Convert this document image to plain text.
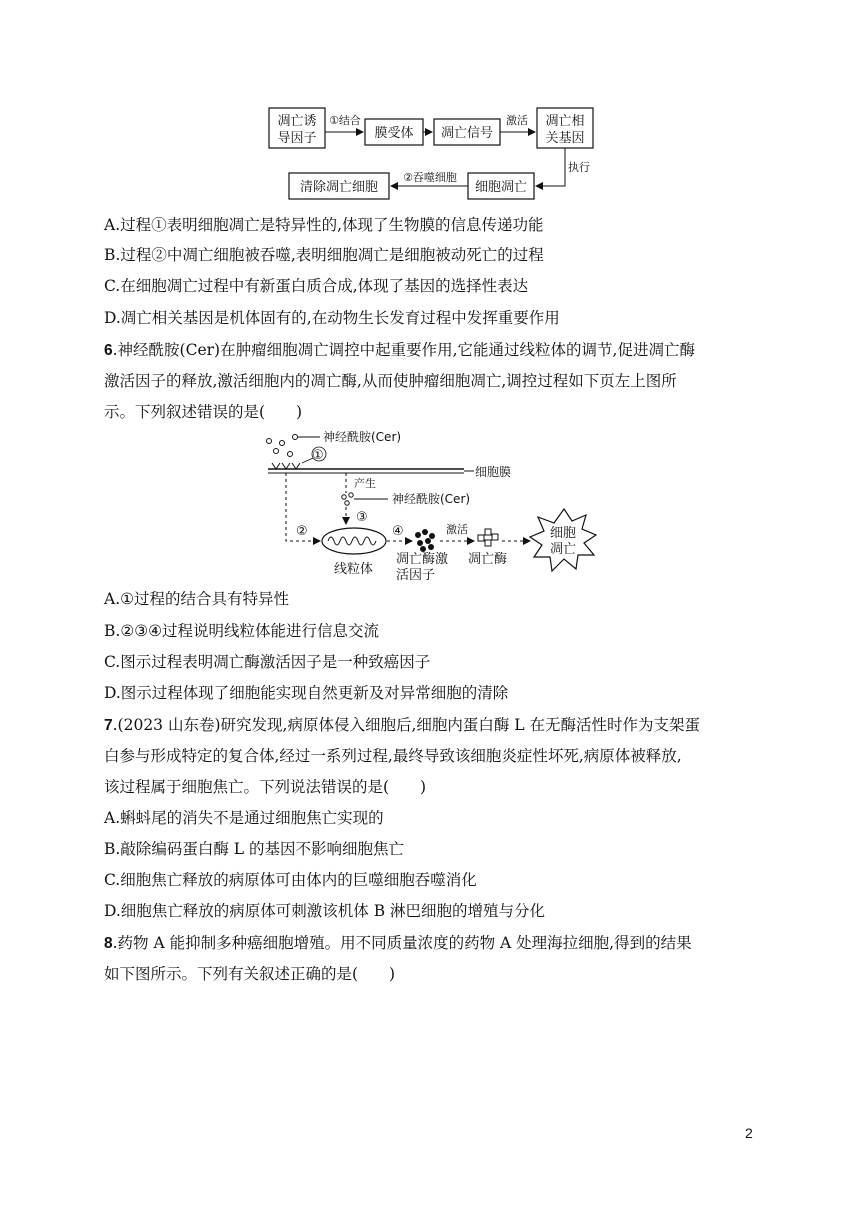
凋亡诱
导因子
①结合
膜受体 凋亡信号
激活 凋亡相
关基因
执行
细胞凋亡
②吞噬细胞
清除凋亡细胞
A.过程①表明细胞凋亡是特异性的,体现了生物膜的信息传递功能
B.过程②中凋亡细胞被吞噬,表明细胞凋亡是细胞被动死亡的过程
C.在细胞凋亡过程中有新蛋白质合成,体现了基因的选择性表达
D.凋亡相关基因是机体固有的,在动物生长发育过程中发挥重要作用
6.神经酰胺(Cer)在肿瘤细胞凋亡调控中起重要作用,它能通过线粒体的调节,促进凋亡酶
激活因子的释放,激活细胞内的凋亡酶,从而使肿瘤细胞凋亡,调控过程如下页左上图所
示。下列叙述错误的是(　　)
神经酰胺(Cer)
①
细胞膜
②
产生
神经酰胺(Cer)
③
线粒体
④
凋亡酶激
活因子
激活
凋亡酶
细胞
凋亡
A.①过程的结合具有特异性
B.②③④过程说明线粒体能进行信息交流
C.图示过程表明凋亡酶激活因子是一种致癌因子
D.图示过程体现了细胞能实现自然更新及对异常细胞的清除
7.(2023 山东卷)研究发现,病原体侵入细胞后,细胞内蛋白酶 L 在无酶活性时作为支架蛋
白参与形成特定的复合体,经过一系列过程,最终导致该细胞炎症性坏死,病原体被释放,
该过程属于细胞焦亡。下列说法错误的是(　　)
A.蝌蚪尾的消失不是通过细胞焦亡实现的
B.敲除编码蛋白酶 L 的基因不影响细胞焦亡
C.细胞焦亡释放的病原体可由体内的巨噬细胞吞噬消化
D.细胞焦亡释放的病原体可刺激该机体 B 淋巴细胞的增殖与分化
8.药物 A 能抑制多种癌细胞增殖。用不同质量浓度的药物 A 处理海拉细胞,得到的结果
如下图所示。下列有关叙述正确的是(　　)
2
